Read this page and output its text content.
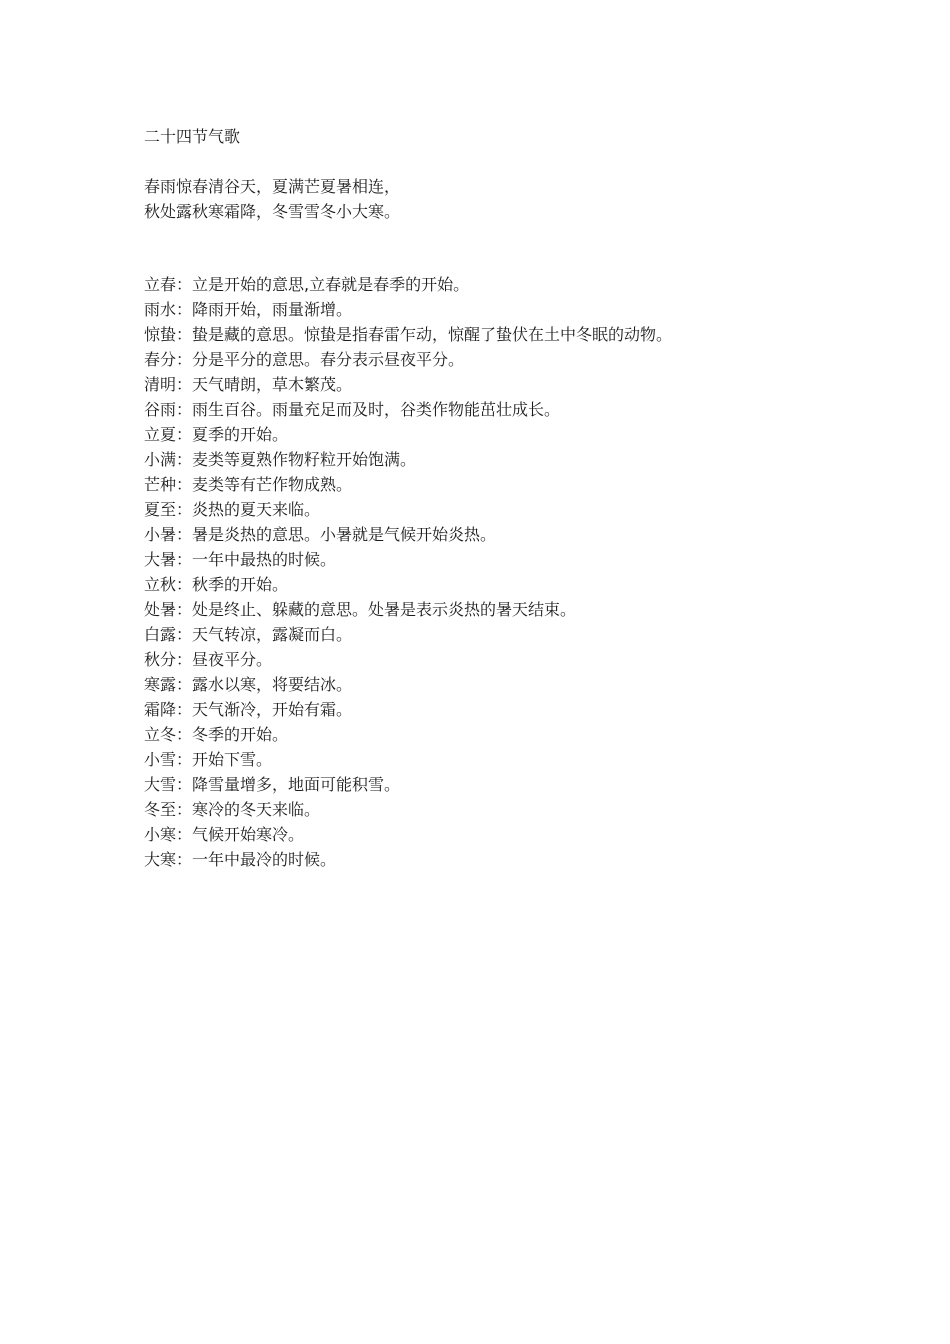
二十四节气歌
春雨惊春清谷天，夏满芒夏暑相连，
秋处露秋寒霜降，冬雪雪冬小大寒。
立春：立是开始的意思,立春就是春季的开始。
雨水：降雨开始，雨量渐增。
惊蛰：蛰是藏的意思。惊蛰是指春雷乍动，惊醒了蛰伏在土中冬眠的动物。
春分：分是平分的意思。春分表示昼夜平分。
清明：天气晴朗，草木繁茂。
谷雨：雨生百谷。雨量充足而及时，谷类作物能茁壮成长。
立夏：夏季的开始。
小满：麦类等夏熟作物籽粒开始饱满。
芒种：麦类等有芒作物成熟。
夏至：炎热的夏天来临。
小暑：暑是炎热的意思。小暑就是气候开始炎热。
大暑：一年中最热的时候。
立秋：秋季的开始。
处暑：处是终止、躲藏的意思。处暑是表示炎热的暑天结束。
白露：天气转凉，露凝而白。
秋分：昼夜平分。
寒露：露水以寒，将要结冰。
霜降：天气渐冷，开始有霜。
立冬：冬季的开始。
小雪：开始下雪。
大雪：降雪量增多，地面可能积雪。
冬至：寒冷的冬天来临。
小寒：气候开始寒冷。
大寒：一年中最冷的时候。
